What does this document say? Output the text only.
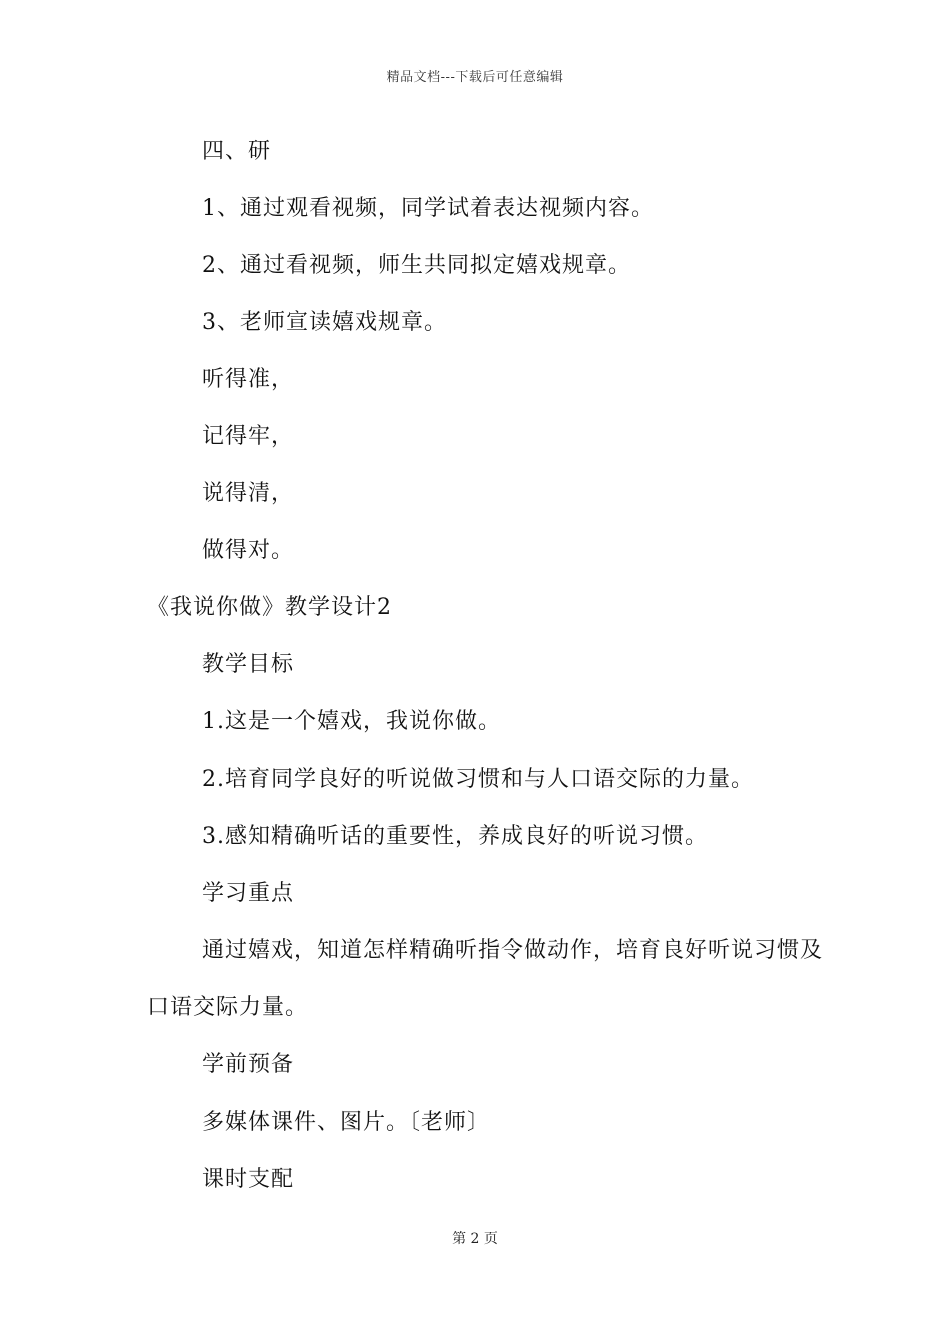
精品文档---下载后可任意编辑
四、研
1、通过观看视频，同学试着表达视频内容。
2、通过看视频，师生共同拟定嬉戏规章。
3、老师宣读嬉戏规章。
听得准，
记得牢，
说得清，
做得对。
《我说你做》教学设计2
教学目标
1.这是一个嬉戏，我说你做。
2.培育同学良好的听说做习惯和与人口语交际的力量。
3.感知精确听话的重要性，养成良好的听说习惯。
学习重点
通过嬉戏，知道怎样精确听指令做动作，培育良好听说习惯及
口语交际力量。
学前预备
多媒体课件、图片。〔老师〕
课时支配
第 2 页
